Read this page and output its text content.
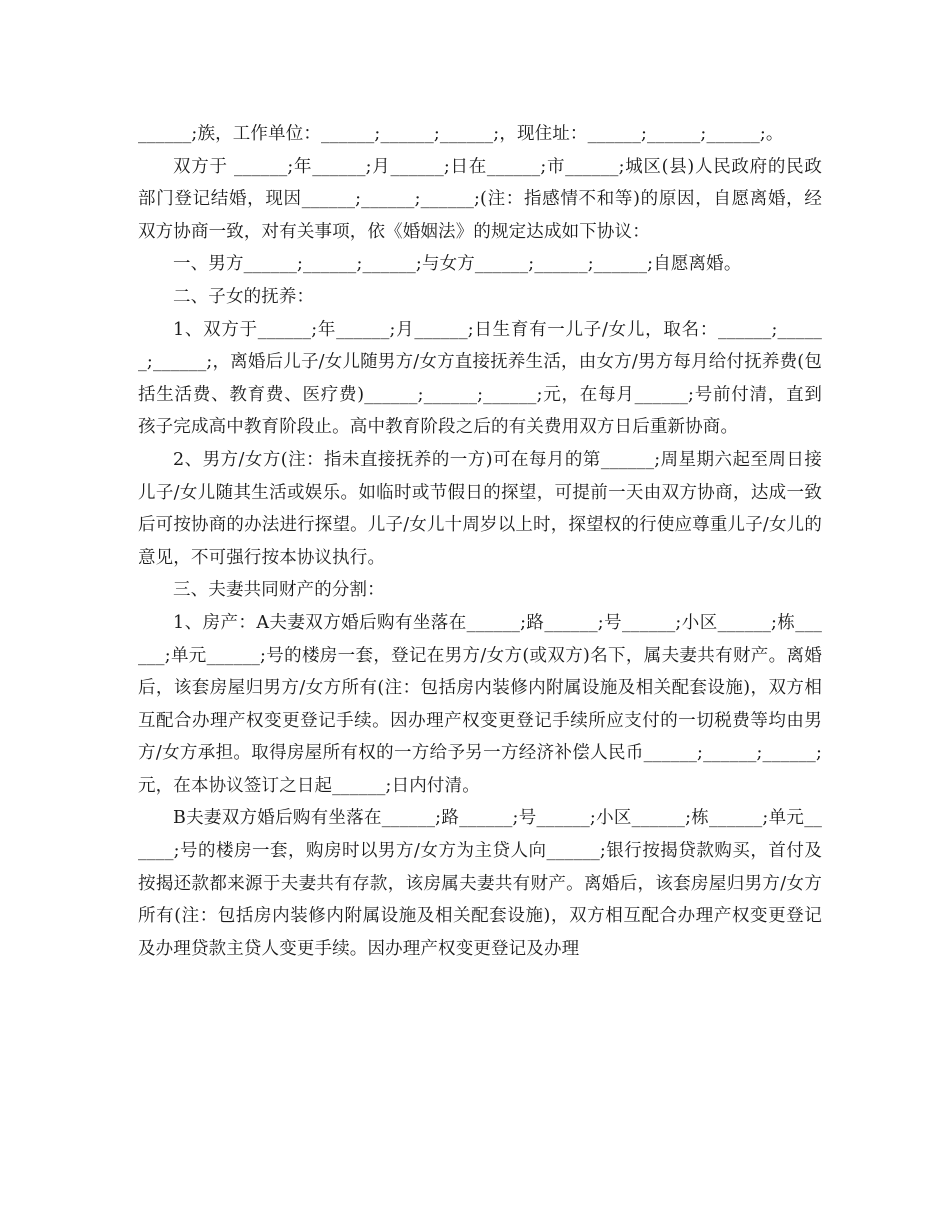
______;族，工作单位：______;______;______;，现住址：______;______;______;。

双方于 ______;年______;月______;日在______;市______;城区(县)人民政府的民政部门登记结婚，现因______;______;______;(注：指感情不和等)的原因，自愿离婚，经双方协商一致，对有关事项，依《婚姻法》的规定达成如下协议：

一、男方______;______;______;与女方______;______;______;自愿离婚。

二、子女的抚养：

1、双方于______;年______;月______;日生育有一儿子/女儿，取名：______;______;______;，离婚后儿子/女儿随男方/女方直接抚养生活，由女方/男方每月给付抚养费(包括生活费、教育费、医疗费)______;______;______;元，在每月______;号前付清，直到孩子完成高中教育阶段止。高中教育阶段之后的有关费用双方日后重新协商。

2、男方/女方(注：指未直接抚养的一方)可在每月的第______;周星期六起至周日接儿子/女儿随其生活或娱乐。如临时或节假日的探望，可提前一天由双方协商，达成一致后可按协商的办法进行探望。儿子/女儿十周岁以上时，探望权的行使应尊重儿子/女儿的意见，不可强行按本协议执行。

三、夫妻共同财产的分割：

1、房产：A夫妻双方婚后购有坐落在______;路______;号______;小区______;栋______;单元______;号的楼房一套，登记在男方/女方(或双方)名下，属夫妻共有财产。离婚后，该套房屋归男方/女方所有(注：包括房内装修内附属设施及相关配套设施)，双方相互配合办理产权变更登记手续。因办理产权变更登记手续所应支付的一切税费等均由男方/女方承担。取得房屋所有权的一方给予另一方经济补偿人民币______;______;______;元，在本协议签订之日起______;日内付清。

B夫妻双方婚后购有坐落在______;路______;号______;小区______;栋______;单元______;号的楼房一套，购房时以男方/女方为主贷人向______;银行按揭贷款购买，首付及按揭还款都来源于夫妻共有存款，该房属夫妻共有财产。离婚后，该套房屋归男方/女方所有(注：包括房内装修内附属设施及相关配套设施)，双方相互配合办理产权变更登记及办理贷款主贷人变更手续。因办理产权变更登记及办理
